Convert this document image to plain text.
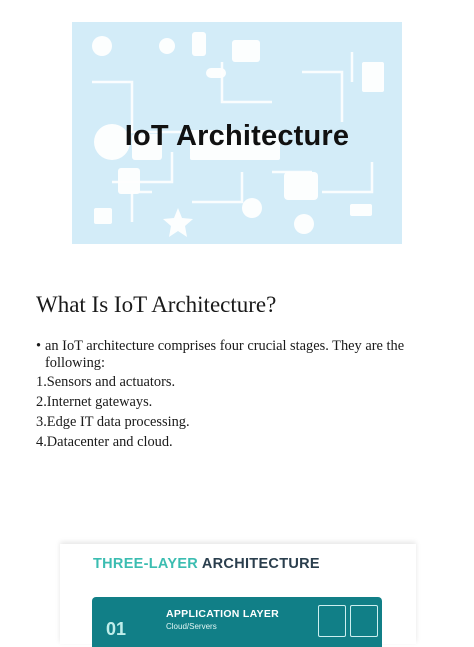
IoT Architecture
What Is IoT Architecture?
• an IoT architecture comprises four crucial stages. They are the following:
1.Sensors and actuators.
2.Internet gateways.
3.Edge IT data processing.
4.Datacenter and cloud.
THREE-LAYER ARCHITECTURE
01
APPLICATION LAYER
Cloud/Servers
